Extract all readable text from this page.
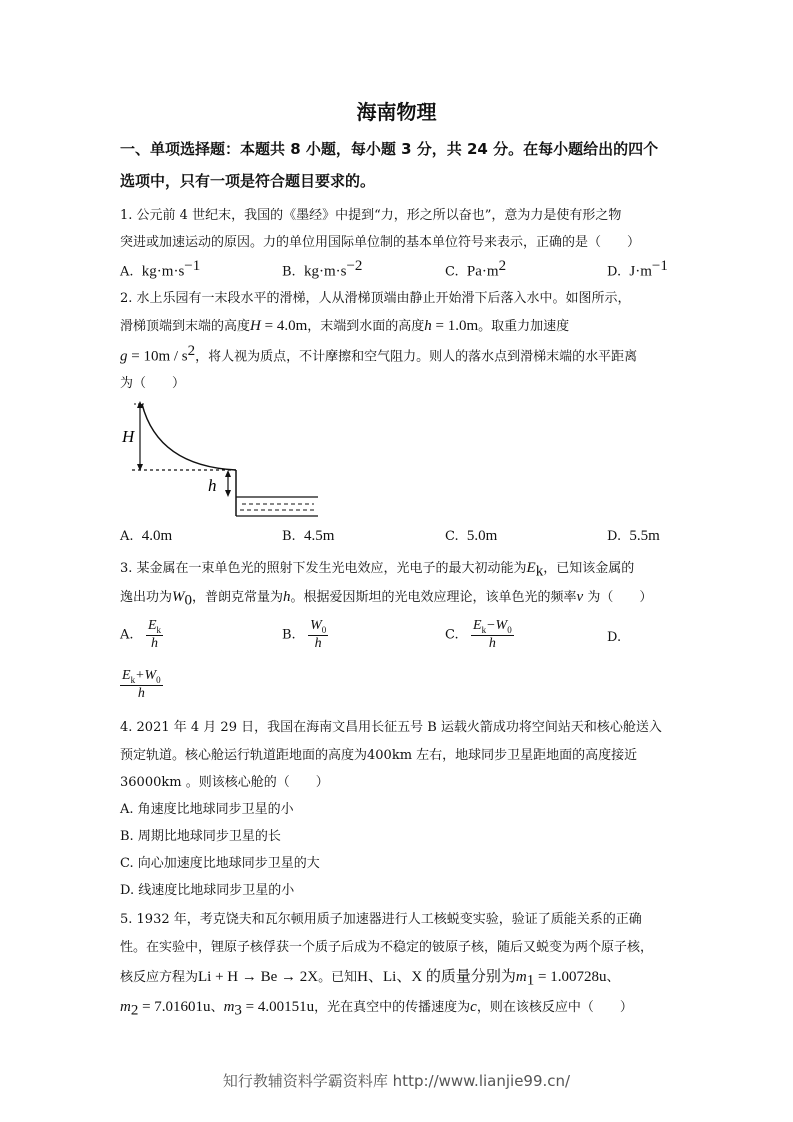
海南物理
一、单项选择题：本题共 8 小题，每小题 3 分，共 24 分。在每小题给出的四个
选项中，只有一项是符合题目要求的。
1. 公元前 4 世纪末，我国的《墨经》中提到“力，形之所以奋也”，意为力是使有形之物
突进或加速运动的原因。力的单位用国际单位制的基本单位符号来表示，正确的是（　　）
A. $kg\cdot m\cdot s^{-1}$	B. $kg\cdot m\cdot s^{-2}$	C. $Pa\cdot m^2$	D. $J\cdot m^{-1}$
2. 水上乐园有一末段水平的滑梯，人从滑梯顶端由静止开始滑下后落入水中。如图所示，
滑梯顶端到末端的高度H = 4.0m，末端到水面的高度h = 1.0m。取重力加速度
$g = 10m / s^2$，将人视为质点，不计摩擦和空气阻力。则人的落水点到滑梯末端的水平距离
为（　　）
H
h
A. 4.0m	B. 4.5m	C. 5.0m	D. 5.5m
3. 某金属在一束单色光的照射下发生光电效应，光电子的最大初动能为$E_k$，已知该金属的
逸出功为$W_0$，普朗克常量为h。根据爱因斯坦的光电效应理论，该单色光的频率ν 为（　　）
A. $\frac{E_k}{h}$	B. $\frac{W_0}{h}$	C. $\frac{E_k-W_0}{h}$	D.
$\frac{E_k+W_0}{h}$
4. 2021 年 4 月 29 日，我国在海南文昌用长征五号 B 运载火箭成功将空间站天和核心舱送入
预定轨道。核心舱运行轨道距地面的高度为400km 左右，地球同步卫星距地面的高度接近
36000km 。则该核心舱的（　　）
A. 角速度比地球同步卫星的小
B. 周期比地球同步卫星的长
C. 向心加速度比地球同步卫星的大
D. 线速度比地球同步卫星的小
5. 1932 年，考克饶夫和瓦尔顿用质子加速器进行人工核蜕变实验，验证了质能关系的正确
性。在实验中，锂原子核俘获一个质子后成为不稳定的铍原子核，随后又蜕变为两个原子核，
核反应方程为Li + H → Be → 2X。已知H、Li、X 的质量分别为$m_1 = 1.00728u$、
$m_2 = 7.01601u$、$m_3 = 4.00151u$，光在真空中的传播速度为c，则在该核反应中（　　）
知行教辅资料学霸资料库 http://www.lianjie99.cn/
